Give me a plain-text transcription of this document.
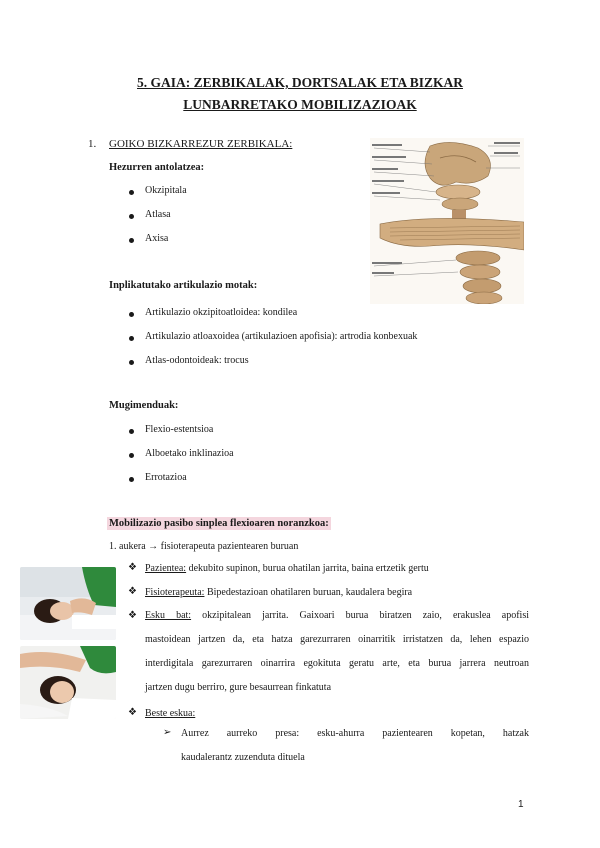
5. GAIA: ZERBIKALAK, DORTSALAK ETA BIZKAR
LUNBARRETAKO MOBILIZAZIOAK
1. GOIKO BIZKARREZUR ZERBIKALA:
Hezurren antolatzea:
Okzipitala
Atlasa
Axisa
Inplikatutako artikulazio motak:
Artikulazio okzipitoatloidea: kondilea
Artikulazio atloaxoidea (artikulazioen apofisia): artrodia konbexuak
Atlas-odontoideak: trocus
Mugimenduak:
Flexio-estentsioa
Alboetako inklinazioa
Errotazioa
Mobilizazio pasibo sinplea flexioaren noranzkoa:
1. aukera → fisioterapeuta pazientearen buruan
❖ Pazientea: dekubito supinon, burua ohatilan jarrita, baina ertzetik gertu
❖ Fisioterapeuta: Bipedestazioan ohatilaren buruan, kaudalera begira
❖ Esku bat: okzipitalean jarrita. Gaixoari burua biratzen zaio, erakuslea apofisi
mastoidean jartzen da, eta hatza garezurraren oinarritik irristatzen da, lehen espazio
interdigitala garezurraren oinarrira egokituta geratu arte, eta burua jarrera neutroan
jartzen dugu berriro, gure besaurrean finkatuta
❖ Beste eskua:
➢ Aurrez aurreko presa: esku-ahurra pazientearen kopetan, hatzak
kaudalerantz zuzenduta dituela
1
